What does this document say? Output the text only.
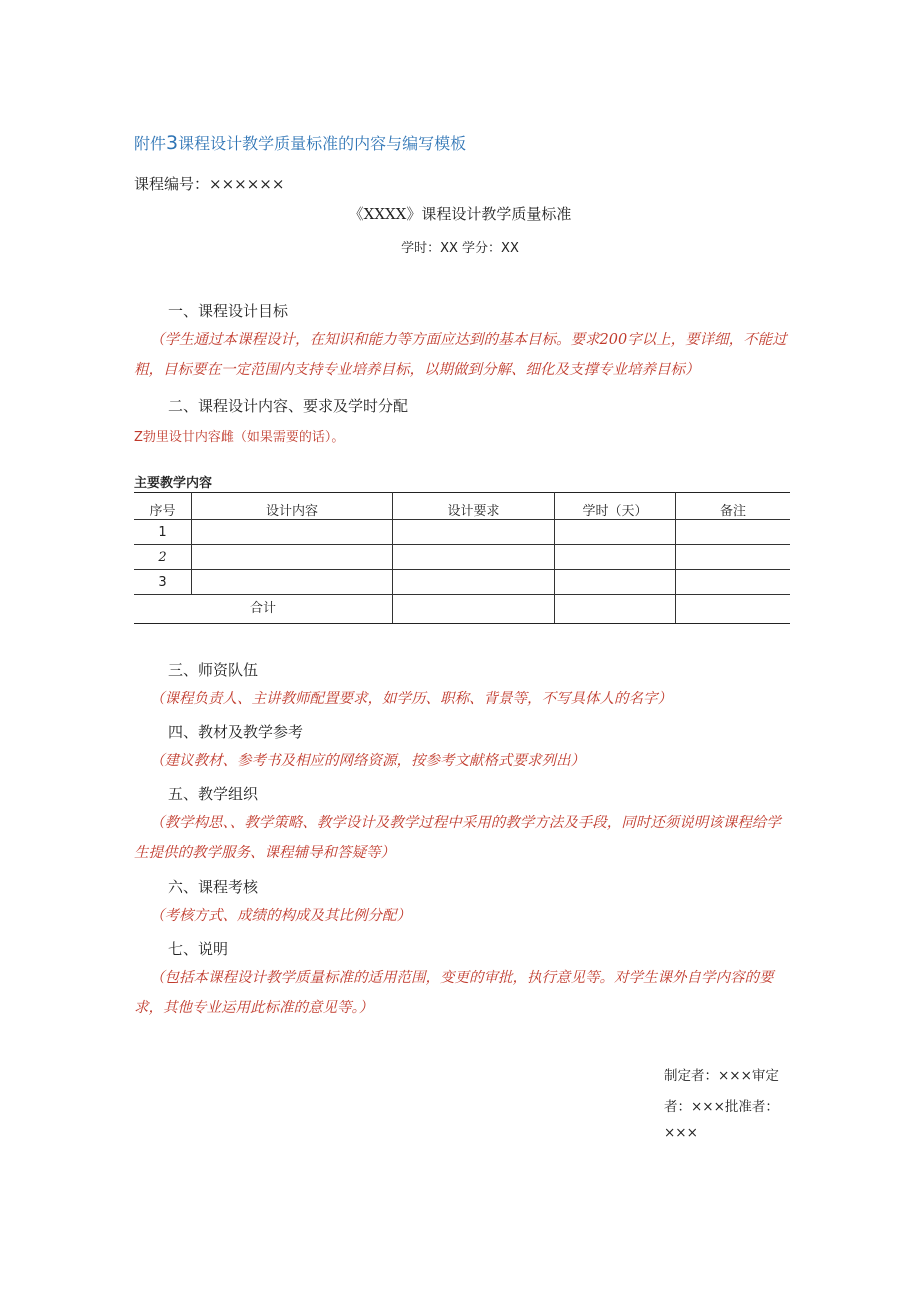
附件3课程设计教学质量标准的内容与编写模板
课程编号：××××××
《XXXX》课程设计教学质量标准
学时：XX 学分：XX
一、课程设计目标
（学生通过本课程设计，在知识和能力等方面应达到的基本目标。要求200字以上，要详细，不能过粗，目标要在一定范围内支持专业培养目标，以期做到分解、细化及支撑专业培养目标）
二、课程设计内容、要求及学时分配
Z勃里设廿内容雌（如果需要的话）。
主要教学内容
序号	设计内容	设计要求	学时（天）	备注
1				
2				
3				
合计				
三、师资队伍
（课程负责人、主讲教师配置要求，如学历、职称、背景等，不写具体人的名字）
四、教材及教学参考
（建议教材、参考书及相应的网络资源，按参考文献格式要求列出）
五、教学组织
（教学构思、、教学策略、教学设计及教学过程中采用的教学方法及手段，同时还须说明该课程给学生提供的教学服务、课程辅导和答疑等）
六、课程考核
（考核方式、成绩的构成及其比例分配）
七、说明
（包括本课程设计教学质量标准的适用范围，变更的审批，执行意见等。对学生课外自学内容的要求，其他专业运用此标准的意见等。）
制定者：×××审定
者：×××批准者：
×××
